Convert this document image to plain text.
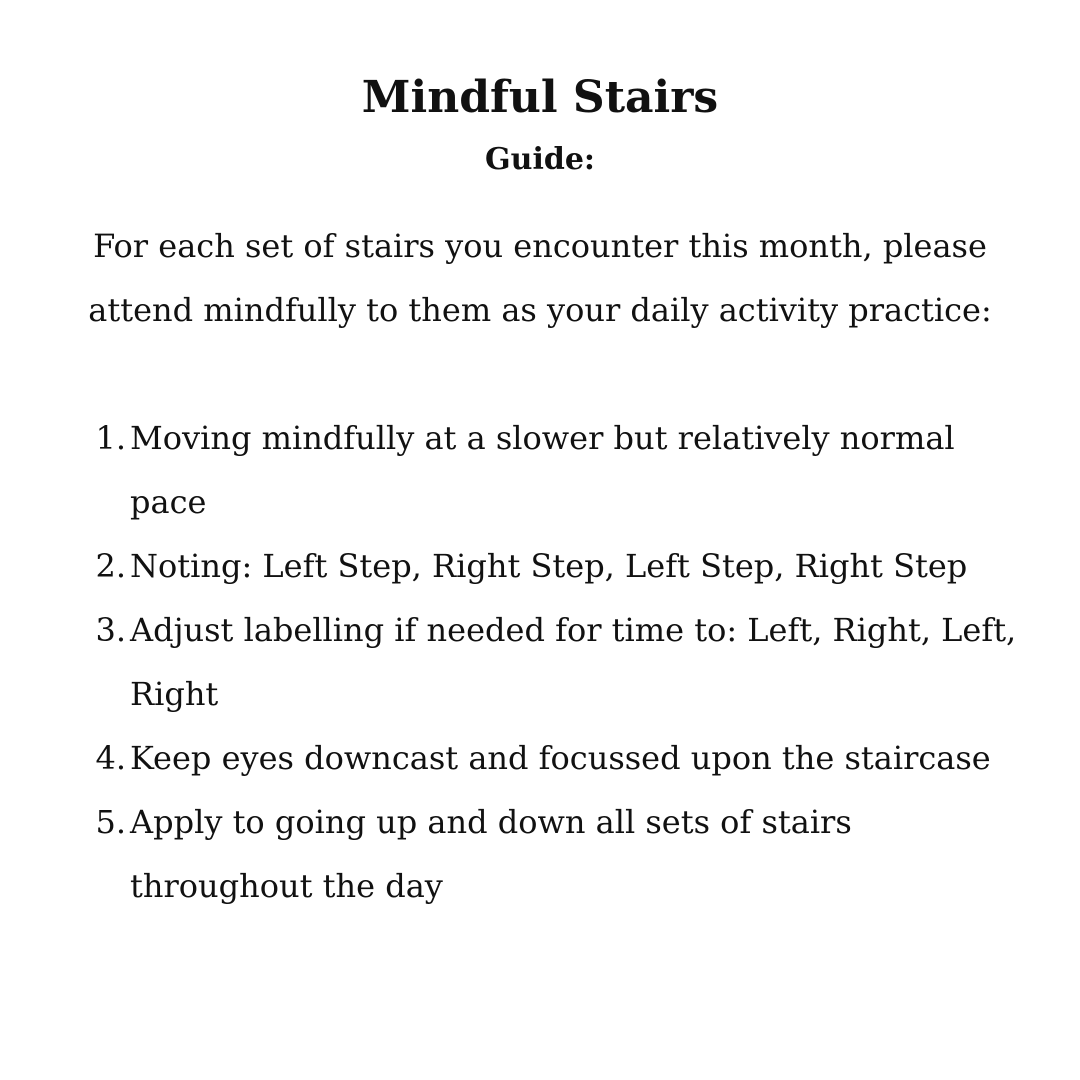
Mindful Stairs
Guide:

For each set of stairs you encounter this month, please attend mindfully to them as your daily activity practice:

1. Moving mindfully at a slower but relatively normal pace
2. Noting: Left Step, Right Step, Left Step, Right Step
3. Adjust labelling if needed for time to: Left, Right, Left, Right
4. Keep eyes downcast and focussed upon the staircase
5. Apply to going up and down all sets of stairs throughout the day
